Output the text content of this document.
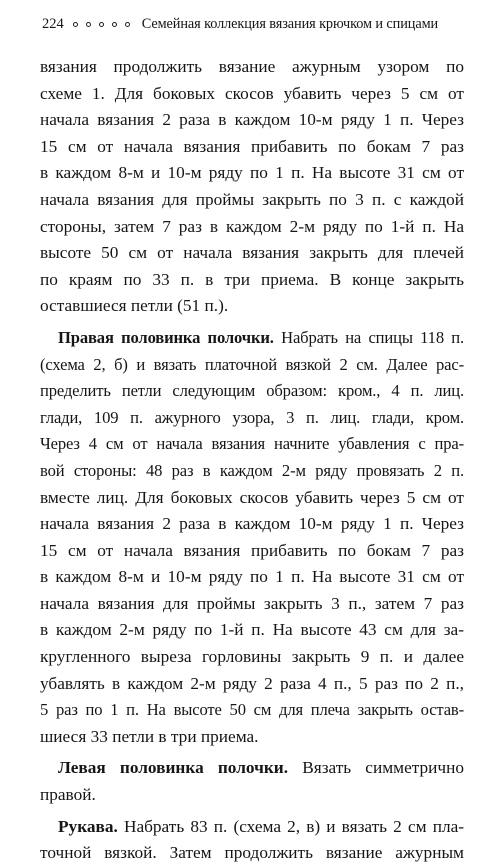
224	Семейная коллекция вязания крючком и спицами
вязания продолжить вязание ажурным узором по
схеме 1. Для боковых скосов убавить через 5 см от
начала вязания 2 раза в каждом 10-м ряду 1 п. Через
15 см от начала вязания прибавить по бокам 7 раз
в каждом 8-м и 10-м ряду по 1 п. На высоте 31 см от
начала вязания для проймы закрыть по 3 п. с каждой
стороны, затем 7 раз в каждом 2-м ряду по 1-й п. На
высоте 50 см от начала вязания закрыть для плечей
по краям по 33 п. в три приема. В конце закрыть
оставшиеся петли (51 п.).
Правая половинка полочки. Набрать на спицы 118 п.
(схема 2, б) и вязать платочной вязкой 2 см. Далее рас-
пределить петли следующим образом: кром., 4 п. лиц.
глади, 109 п. ажурного узора, 3 п. лиц. глади, кром.
Через 4 см от начала вязания начните убавления с пра-
вой стороны: 48 раз в каждом 2-м ряду провязать 2 п.
вместе лиц. Для боковых скосов убавить через 5 см от
начала вязания 2 раза в каждом 10-м ряду 1 п. Через
15 см от начала вязания прибавить по бокам 7 раз
в каждом 8-м и 10-м ряду по 1 п. На высоте 31 см от
начала вязания для проймы закрыть 3 п., затем 7 раз
в каждом 2-м ряду по 1-й п. На высоте 43 см для за-
кругленного выреза горловины закрыть 9 п. и далее
убавлять в каждом 2-м ряду 2 раза 4 п., 5 раз по 2 п.,
5 раз по 1 п. На высоте 50 см для плеча закрыть остав-
шиеся 33 петли в три приема.
Левая половинка полочки. Вязать симметрично
правой.
Рукава. Набрать 83 п. (схема 2, в) и вязать 2 см пла-
точной вязкой. Затем продолжить вязание ажурным
